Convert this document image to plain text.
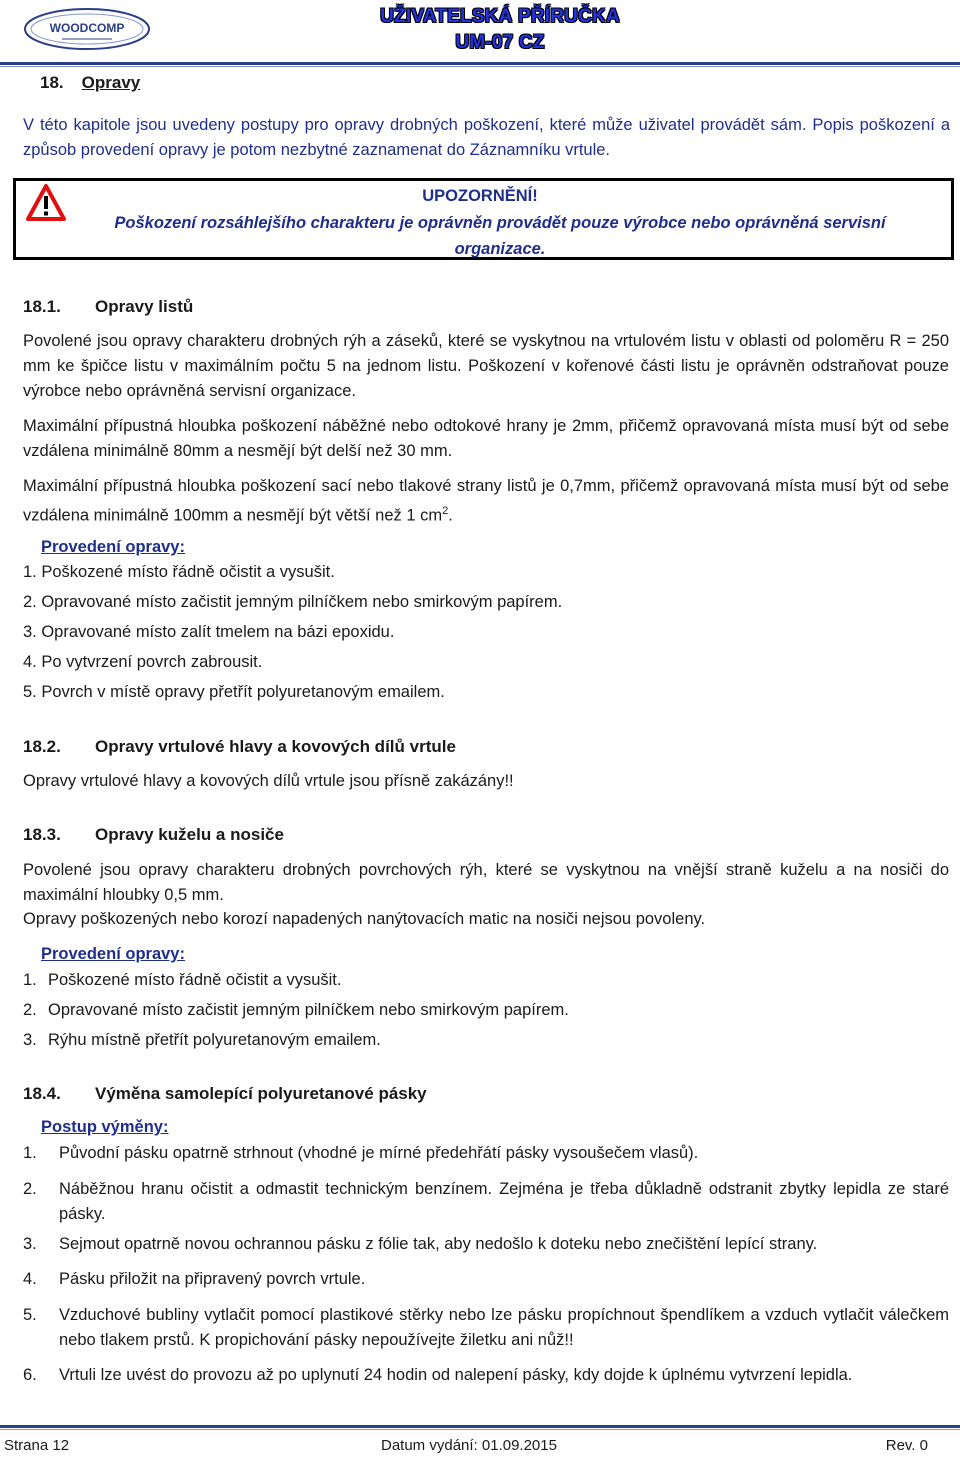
WOODCOMP
UŽIVATELSKÁ PŘÍRUČKA
UM-07 CZ
18. Opravy
V této kapitole jsou uvedeny postupy pro opravy drobných poškození, které může uživatel provádět sám. Popis poškození a způsob provedení opravy je potom nezbytné zaznamenat do Záznamníku vrtule.
UPOZORNĚNÍ!
Poškození rozsáhlejšího charakteru je oprávněn provádět pouze výrobce nebo oprávněná servisní organizace.
18.1. Opravy listů
Povolené jsou opravy charakteru drobných rýh a záseků, které se vyskytnou na vrtulovém listu v oblasti od poloměru R = 250 mm ke špičce listu v maximálním počtu 5 na jednom listu. Poškození v kořenové části listu je oprávněn odstraňovat pouze výrobce nebo oprávněná servisní organizace.
Maximální přípustná hloubka poškození náběžné nebo odtokové hrany je 2mm, přičemž opravovaná místa musí být od sebe vzdálena minimálně 80mm a nesmějí být delší než 30 mm.
Maximální přípustná hloubka poškození sací nebo tlakové strany listů je 0,7mm, přičemž opravovaná místa musí být od sebe vzdálena minimálně 100mm a nesmějí být větší než 1 $cm^2$.
Provedení opravy:
1. Poškozené místo řádně očistit a vysušit.
2. Opravované místo začistit jemným pilníčkem nebo smirkovým papírem.
3. Opravované místo zalít tmelem na bázi epoxidu.
4. Po vytvrzení povrch zabrousit.
5. Povrch v místě opravy přetřít polyuretanovým emailem.
18.2. Opravy vrtulové hlavy a kovových dílů vrtule
Opravy vrtulové hlavy a kovových dílů vrtule jsou přísně zakázány!!
18.3. Opravy kuželu a nosiče
Povolené jsou opravy charakteru drobných povrchových rýh, které se vyskytnou na vnější straně kuželu a na nosiči do maximální hloubky 0,5 mm.
Opravy poškozených nebo korozí napadených nanýtovacích matic na nosiči nejsou povoleny.
Provedení opravy:
1. Poškozené místo řádně očistit a vysušit.
2. Opravované místo začistit jemným pilníčkem nebo smirkovým papírem.
3. Rýhu místně přetřít polyuretanovým emailem.
18.4. Výměna samolepící polyuretanové pásky
Postup výměny:
1. Původní pásku opatrně strhnout (vhodné je mírné předehřátí pásky vysoušečem vlasů).
2. Náběžnou hranu očistit a odmastit technickým benzínem. Zejména je třeba důkladně odstranit zbytky lepidla ze staré pásky.
3. Sejmout opatrně novou ochrannou pásku z fólie tak, aby nedošlo k doteku nebo znečištění lepící strany.
4. Pásku přiložit na připravený povrch vrtule.
5. Vzduchové bubliny vytlačit pomocí plastikové stěrky nebo lze pásku propíchnout špendlíkem a vzduch vytlačit válečkem nebo tlakem prstů. K propichování pásky nepoužívejte žiletku ani nůž!!
6. Vrtuli lze uvést do provozu až po uplynutí 24 hodin od nalepení pásky, kdy dojde k úplnému vytvrzení lepidla.
Strana 12	Datum vydání: 01.09.2015	Rev. 0
